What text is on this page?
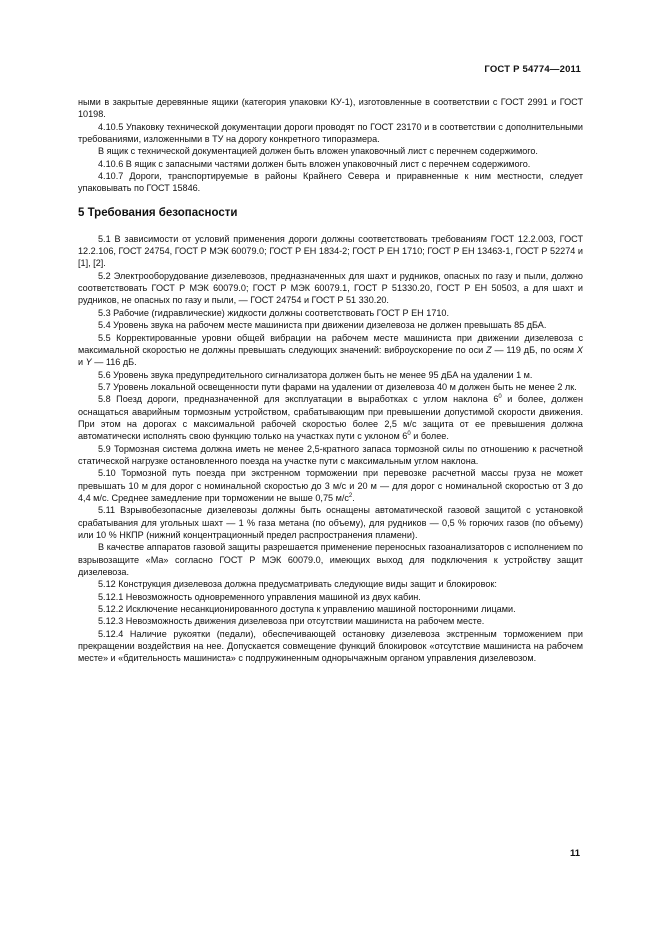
ГОСТ Р 54774—2011

ными в закрытые деревянные ящики (категория упаковки КУ-1), изготовленные в соответствии с ГОСТ 2991 и ГОСТ 10198.

4.10.5 Упаковку технической документации дороги проводят по ГОСТ 23170 и в соответствии с дополнительными требованиями, изложенными в ТУ на дорогу конкретного типоразмера.

В ящик с технической документацией должен быть вложен упаковочный лист с перечнем содержимого.

4.10.6 В ящик с запасными частями должен быть вложен упаковочный лист с перечнем содержимого.

4.10.7 Дороги, транспортируемые в районы Крайнего Севера и приравненные к ним местности, следует упаковывать по ГОСТ 15846.

5 Требования безопасности

5.1 В зависимости от условий применения дороги должны соответствовать требованиям ГОСТ 12.2.003, ГОСТ 12.2.106, ГОСТ 24754, ГОСТ Р МЭК 60079.0; ГОСТ Р ЕН 1834-2; ГОСТ Р ЕН 1710; ГОСТ Р ЕН 13463-1, ГОСТ Р 52274 и [1], [2].

5.2 Электрооборудование дизелевозов, предназначенных для шахт и рудников, опасных по газу и пыли, должно соответствовать ГОСТ Р МЭК 60079.0; ГОСТ Р МЭК 60079.1, ГОСТ Р 51330.20, ГОСТ Р ЕН 50503, а для шахт и рудников, не опасных по газу и пыли, — ГОСТ 24754 и ГОСТ Р 51 330.20.

5.3 Рабочие (гидравлические) жидкости должны соответствовать ГОСТ Р ЕН 1710.

5.4 Уровень звука на рабочем месте машиниста при движении дизелевоза не должен превышать 85 дБА.

5.5 Корректированные уровни общей вибрации на рабочем месте машиниста при движении дизелевоза с максимальной скоростью не должны превышать следующих значений: виброускорение по оси Z — 119 дБ, по осям X и Y — 116 дБ.

5.6 Уровень звука предупредительного сигнализатора должен быть не менее 95 дБА на удалении 1 м.

5.7 Уровень локальной освещенности пути фарами на удалении от дизелевоза 40 м должен быть не менее 2 лк.

5.8 Поезд дороги, предназначенной для эксплуатации в выработках с углом наклона $6^0$ и более, должен оснащаться аварийным тормозным устройством, срабатывающим при превышении допустимой скорости движения. При этом на дорогах с максимальной рабочей скоростью более 2,5 м/с защита от ее превышения должна автоматически исполнять свою функцию только на участках пути с уклоном $6^0$ и более.

5.9 Тормозная система должна иметь не менее 2,5-кратного запаса тормозной силы по отношению к расчетной статической нагрузке остановленного поезда на участке пути с максимальным углом наклона.

5.10 Тормозной путь поезда при экстренном торможении при перевозке расчетной массы груза не может превышать 10 м для дорог с номинальной скоростью до 3 м/с и 20 м — для дорог с номинальной скоростью от 3 до 4,4 м/с. Среднее замедление при торможении не выше 0,75 $м/с^2$.

5.11 Взрывобезопасные дизелевозы должны быть оснащены автоматической газовой защитой с установкой срабатывания для угольных шахт — 1 % газа метана (по объему), для рудников — 0,5 % горючих газов (по объему) или 10 % НКПР (нижний концентрационный предел распространения пламени).

В качестве аппаратов газовой защиты разрешается применение переносных газоанализаторов с исполнением по взрывозащите «Ма» согласно ГОСТ Р МЭК 60079.0, имеющих выход для подключения к устройству защит дизелевоза.

5.12 Конструкция дизелевоза должна предусматривать следующие виды защит и блокировок:

5.12.1 Невозможность одновременного управления машиной из двух кабин.

5.12.2 Исключение несанкционированного доступа к управлению машиной посторонними лицами.

5.12.3 Невозможность движения дизелевоза при отсутствии машиниста на рабочем месте.

5.12.4 Наличие рукоятки (педали), обеспечивающей остановку дизелевоза экстренным торможением при прекращении воздействия на нее. Допускается совмещение функций блокировок «отсутствие машиниста на рабочем месте» и «бдительность машиниста» с подпружиненным однорычажным органом управления дизелевозом.

11
